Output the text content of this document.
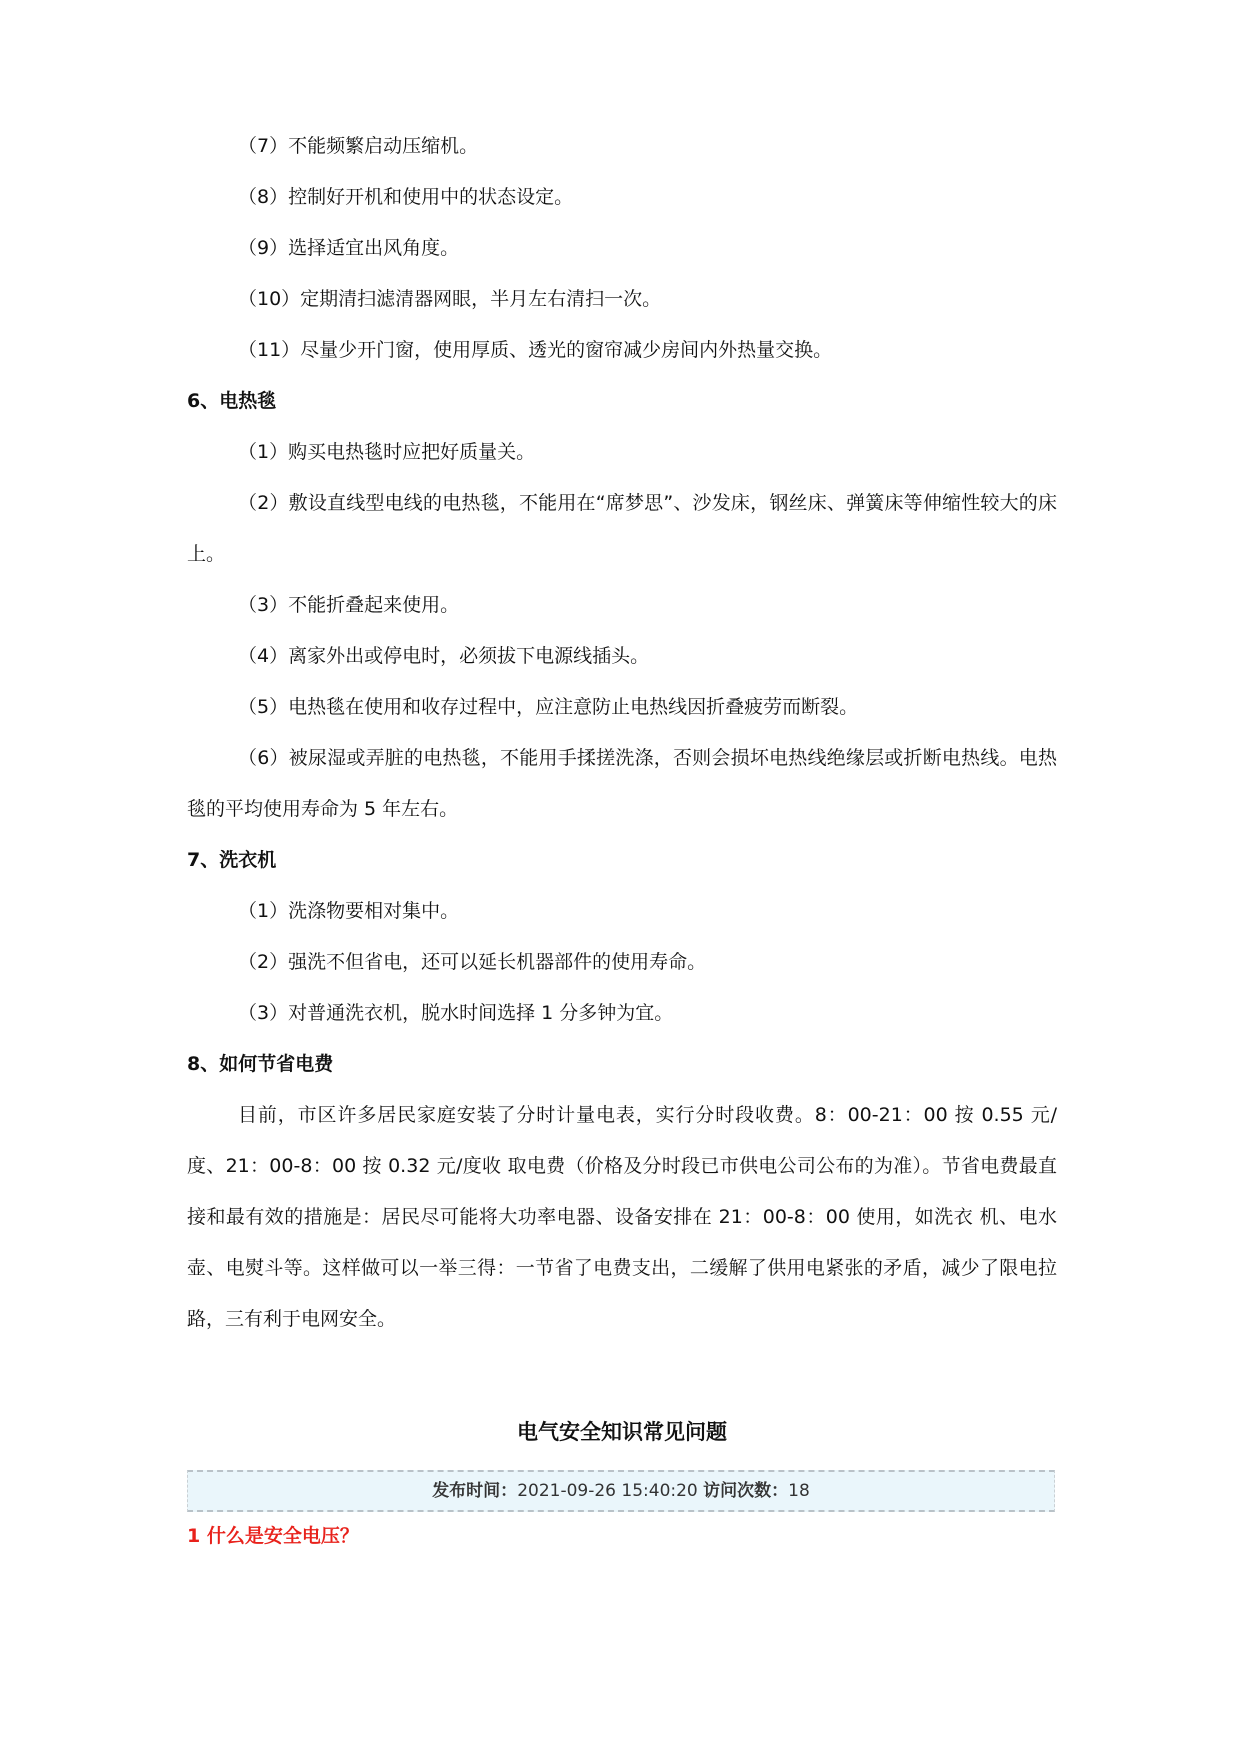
（7）不能频繁启动压缩机。

（8）控制好开机和使用中的状态设定。

（9）选择适宜出风角度。

（10）定期清扫滤清器网眼，半月左右清扫一次。

（11）尽量少开门窗，使用厚质、透光的窗帘减少房间内外热量交换。

6、电热毯

（1）购买电热毯时应把好质量关。

（2）敷设直线型电线的电热毯，不能用在“席梦思”、沙发床，钢丝床、弹簧床等伸缩性较大的床上。

（3）不能折叠起来使用。

（4）离家外出或停电时，必须拔下电源线插头。

（5）电热毯在使用和收存过程中，应注意防止电热线因折叠疲劳而断裂。

（6）被尿湿或弄脏的电热毯，不能用手揉搓洗涤，否则会损坏电热线绝缘层或折断电热线。电热毯的平均使用寿命为 5 年左右。

7、洗衣机

（1）洗涤物要相对集中。

（2）强洗不但省电，还可以延长机器部件的使用寿命。

（3）对普通洗衣机，脱水时间选择 1 分多钟为宜。

8、如何节省电费

目前，市区许多居民家庭安装了分时计量电表，实行分时段收费。8：00-21：00 按 0.55 元/度、21：00-8：00 按 0.32 元/度收 取电费（价格及分时段已市供电公司公布的为准）。节省电费最直接和最有效的措施是：居民尽可能将大功率电器、设备安排在 21：00-8：00 使用，如洗衣 机、电水壶、电熨斗等。这样做可以一举三得：一节省了电费支出，二缓解了供用电紧张的矛盾，减少了限电拉路，三有利于电网安全。

电气安全知识常见问题
发布时间：2021-09-26 15:40:20 访问次数：18
1 什么是安全电压？
